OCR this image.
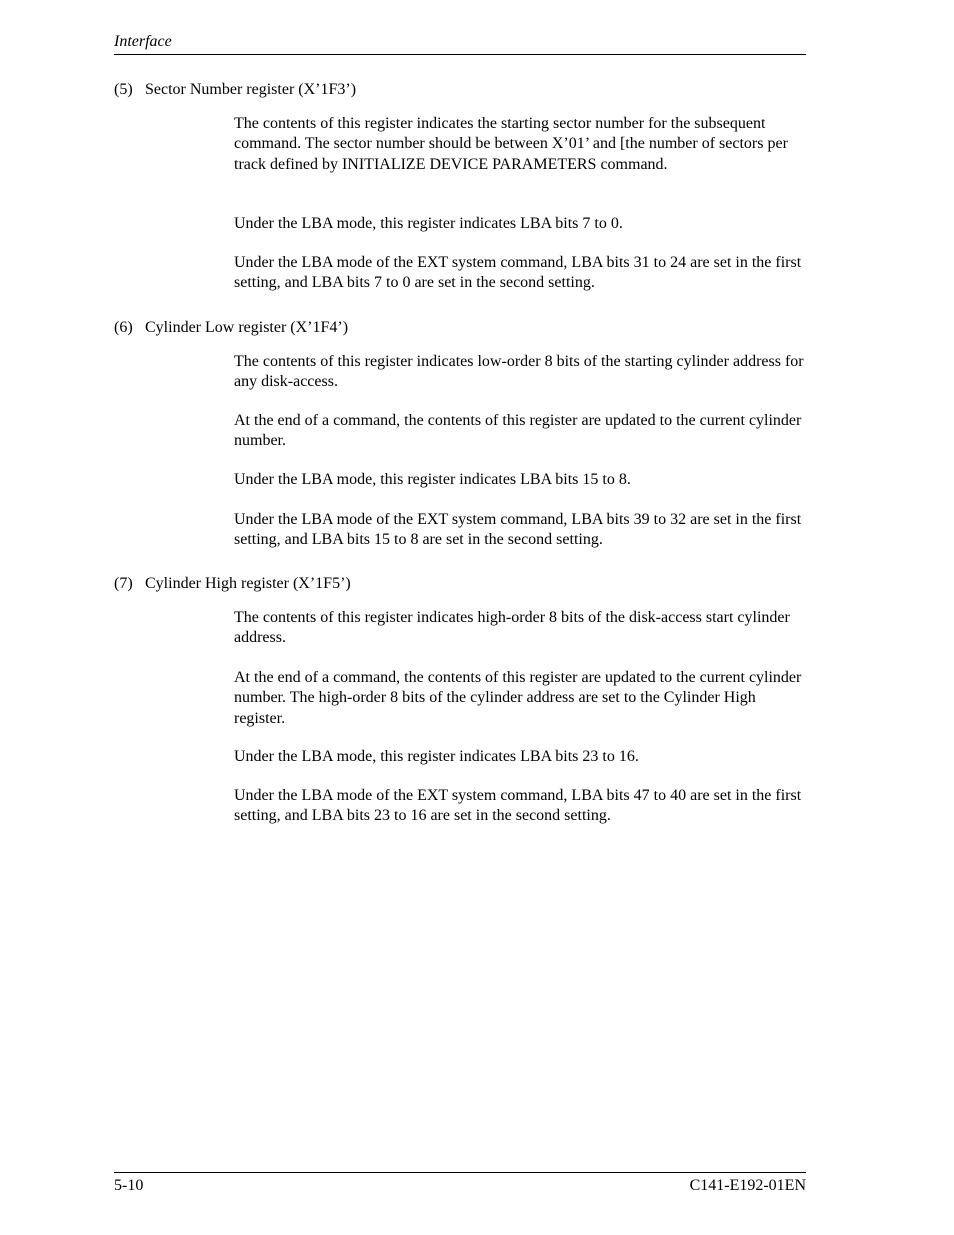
Interface
(5) Sector Number register (X’1F3’)
The contents of this register indicates the starting sector number for the subsequent command. The sector number should be between X’01’ and [the number of sectors per track defined by INITIALIZE DEVICE PARAMETERS command.
Under the LBA mode, this register indicates LBA bits 7 to 0.
Under the LBA mode of the EXT system command, LBA bits 31 to 24 are set in the first setting, and LBA bits 7 to 0 are set in the second setting.
(6) Cylinder Low register (X’1F4’)
The contents of this register indicates low-order 8 bits of the starting cylinder address for any disk-access.
At the end of a command, the contents of this register are updated to the current cylinder number.
Under the LBA mode, this register indicates LBA bits 15 to 8.
Under the LBA mode of the EXT system command, LBA bits 39 to 32 are set in the first setting, and LBA bits 15 to 8 are set in the second setting.
(7) Cylinder High register (X’1F5’)
The contents of this register indicates high-order 8 bits of the disk-access start cylinder address.
At the end of a command, the contents of this register are updated to the current cylinder number. The high-order 8 bits of the cylinder address are set to the Cylinder High register.
Under the LBA mode, this register indicates LBA bits 23 to 16.
Under the LBA mode of the EXT system command, LBA bits 47 to 40 are set in the first setting, and LBA bits 23 to 16 are set in the second setting.
5-10	C141-E192-01EN
